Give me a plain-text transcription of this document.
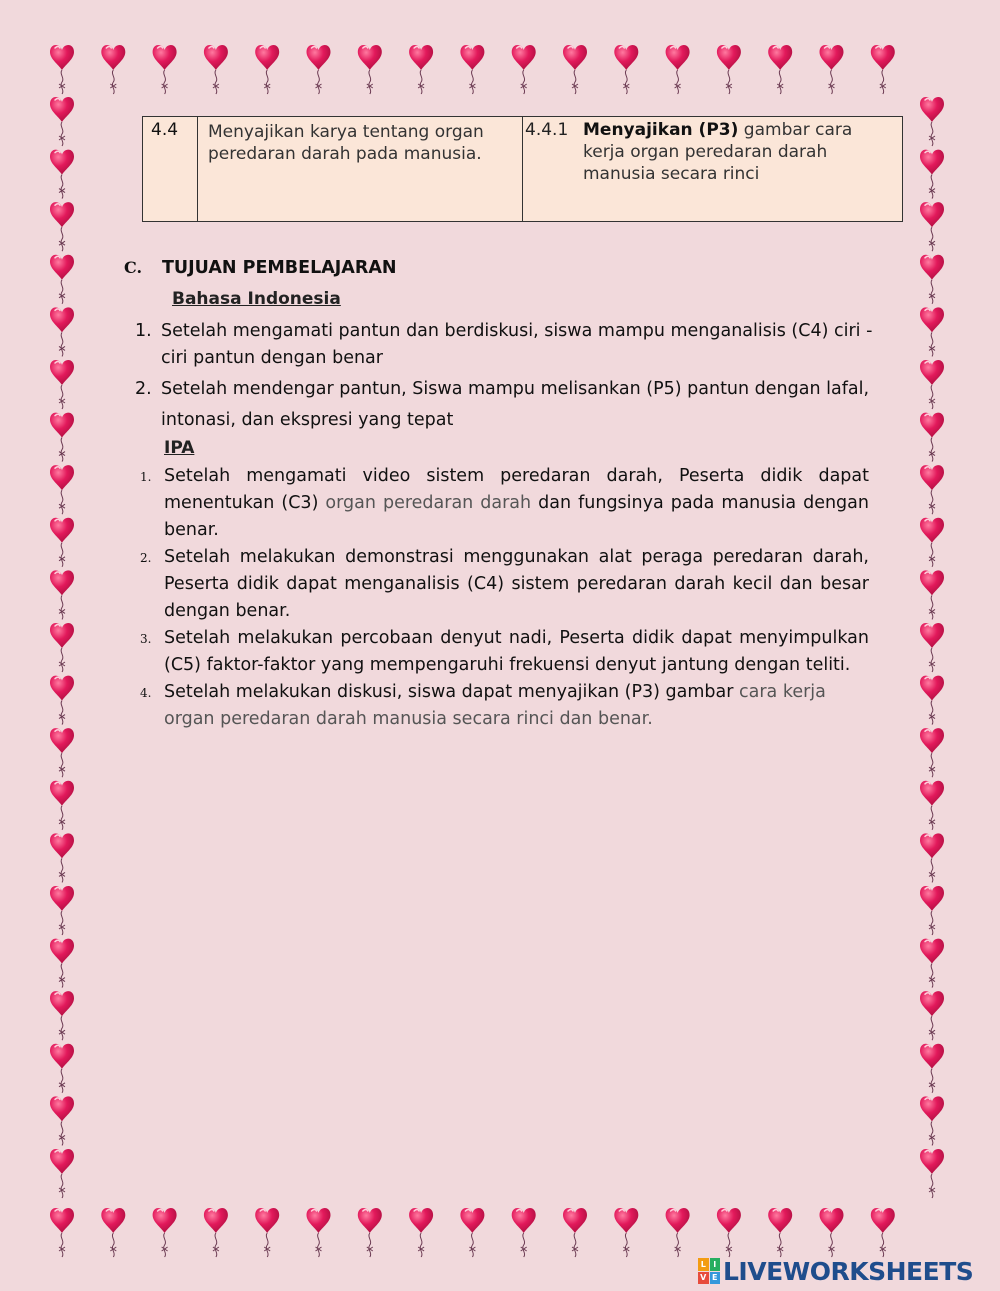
4.4	Menyajikan karya tentang organ peredaran darah pada manusia.	4.4.1 Menyajikan (P3) gambar cara kerja organ peredaran darah manusia secara rinci
C. TUJUAN PEMBELAJARAN
Bahasa Indonesia
1. Setelah mengamati pantun dan berdiskusi, siswa mampu menganalisis (C4) ciri - ciri pantun dengan benar
2. Setelah mendengar pantun, Siswa mampu melisankan (P5) pantun dengan lafal, intonasi, dan ekspresi yang tepat
IPA
1. Setelah mengamati video sistem peredaran darah, Peserta didik dapat menentukan (C3) organ peredaran darah dan fungsinya pada manusia dengan benar.
2. Setelah melakukan demonstrasi menggunakan alat peraga peredaran darah, Peserta didik dapat menganalisis (C4) sistem peredaran darah kecil dan besar dengan benar.
3. Setelah melakukan percobaan denyut nadi, Peserta didik dapat menyimpulkan (C5) faktor-faktor yang mempengaruhi frekuensi denyut jantung dengan teliti.
4. Setelah melakukan diskusi, siswa dapat menyajikan (P3) gambar cara kerja organ peredaran darah manusia secara rinci dan benar.
L I
V E LIVEWORKSHEETS
